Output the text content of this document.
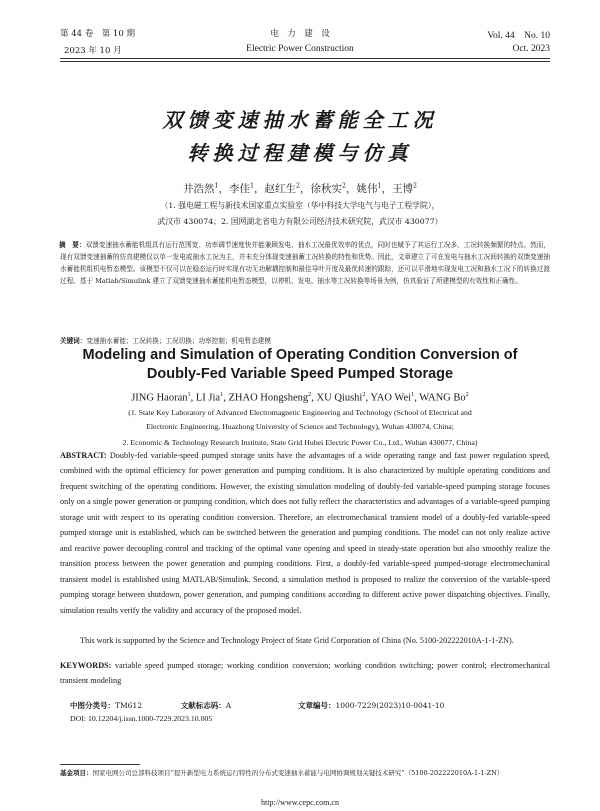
第 44 卷　第 10 期
2023 年 10 月
电　力　建　设
Electric Power Construction
Vol. 44　No. 10
Oct. 2023
双馈变速抽水蓄能全工况
转换过程建模与仿真
井浩然$^1$，李佳$^1$，赵红生$^2$，徐秋实$^2$，姚伟$^1$，王博$^2$
（1. 强电磁工程与新技术国家重点实验室（华中科技大学电气与电子工程学院），
武汉市 430074；2. 国网湖北省电力有限公司经济技术研究院，武汉市 430077）
摘　要：双馈变速抽水蓄能机组具有运行范围宽、功率调节速度快并能兼顾发电、抽水工况最优效率的优点，同时也赋予了其运行工况多、工况转换频繁的特点。然而，现有双馈变速抽蓄的仿真建模仅以单一发电或抽水工况为主，并未充分体现变速抽蓄工况转换的特性和优势。因此，文章建立了可在发电与抽水工况间转换的双馈变速抽水蓄能机组机电暂态模型。该模型不仅可以在稳态运行时实现有功无功解耦控制和最佳导叶开度及最优转速的跟踪，还可以平滑地实现发电工况和抽水工况下的转换过渡过程。基于 Matlab/Simulink 建立了双馈变速抽水蓄能机电暂态模型，以停机、发电、抽水等工况转换等场景为例，仿真验证了所建模型的有效性和正确性。
关键词：变速抽水蓄能；工况转换；工况切换；功率控制；机电暂态建模
Modeling and Simulation of Operating Condition Conversion of
Doubly-Fed Variable Speed Pumped Storage
JING Haoran$^1$, LI Jia$^1$, ZHAO Hongsheng$^2$, XU Qiushi$^2$, YAO Wei$^1$, WANG Bo$^2$
(1. State Key Laboratory of Advanced Electromagnetic Engineering and Technology (School of Electrical and
Electronic Engineering, Huazhong University of Science and Technology), Wuhan 430074, China;
2. Economic & Technology Research Institute, State Grid Hubei Electric Power Co., Ltd., Wuhan 430077, China)
ABSTRACT: Doubly-fed variable-speed pumped storage units have the advantages of a wide operating range and fast power regulation speed, combined with the optimal efficiency for power generation and pumping conditions. It is also characterized by multiple operating conditions and frequent switching of the operating conditions. However, the existing simulation modeling of doubly-fed variable-speed pumping storage focuses only on a single power generation or pumping condition, which does not fully reflect the characteristics and advantages of a variable-speed pumping storage unit with respect to its operating condition conversion. Therefore, an electromechanical transient model of a doubly-fed variable-speed pumped storage unit is established, which can be switched between the generation and pumping conditions. The model can not only realize active and reactive power decoupling control and tracking of the optimal vane opening and speed in steady-state operation but also smoothly realize the transition process between the power generation and pumping conditions. First, a doubly-fed variable-speed pumped-storage electromechanical transient model is established using MATLAB/Simulink. Second, a simulation method is proposed to realize the conversion of the variable-speed pumping storage between shutdown, power generation, and pumping conditions according to different active power dispatching objectives. Finally, simulation results verify the validity and accuracy of the proposed model.
This work is supported by the Science and Technology Project of State Grid Corporation of China (No. 5100-202222010A-1-1-ZN).
KEYWORDS: variable speed pumped storage; working condition conversion; working condition switching; power control; electromechanical transient modeling
中图分类号：TM612	文献标志码：A	文章编号：1000-7229(2023)10-0041-10
DOI: 10.12204/j.issn.1000-7229.2023.10.005
基金项目：国家电网公司总部科技项目“提升新型电力系统运行特性的分布式变速抽水蓄能与电网协调规划关键技术研究”（5100-202222010A-1-1-ZN）
http://www.cepc.com.cn
